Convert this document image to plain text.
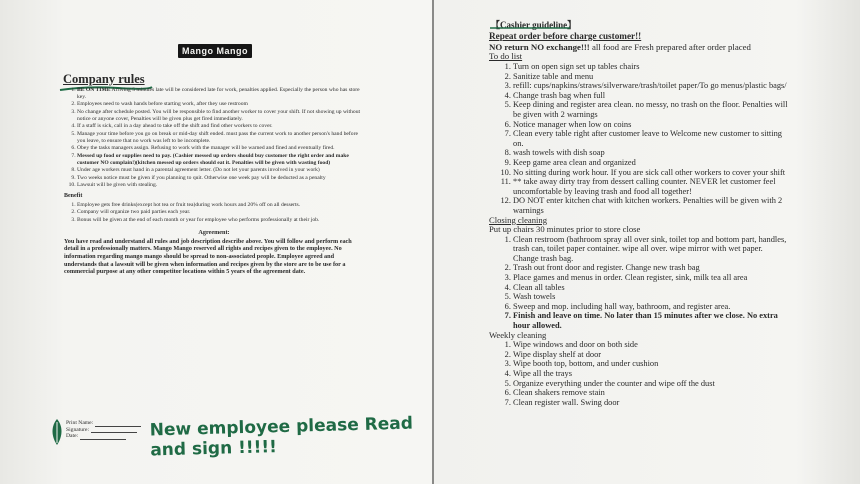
Mango Mango
Company rules
1. BE ON TIME Arriving 5 minutes late will be considered late for work, penalties applied. Especially the person who has store key.
2. Employees need to wash hands before starting work, after they use restroom
3. No change after schedule posted. You will be responsible to find another worker to cover your shift. If not showing up without notice or anyone cover, Penalties will be given plus get fired immediately.
4. If a staff is sick, call in a day ahead to take off the shift and find other workers to cover.
5. Manage your time before you go on break or mid-day shift ended. must pass the current work to another person's hand before you leave, to ensure that no work was left to be incomplete.
6. Obey the tasks managers assign. Refusing to work with the manager will be warned and fined and eventually fired.
7. Messed up food or supplies need to pay. (Cashier messed up orders should buy customer the right order and make customer NO complain!)(kitchen messed up orders should eat it. Penalties will be given with wasting food)
8. Under age workers must hand in a parental agreement letter. (Do not let your parents involved in your work)
9. Two weeks notice must be given if you planning to quit. Otherwise one week pay will be deducted as a penalty
10. Lawsuit will be given with stealing.
Benefit
1. Employee gets free drinks(except hot tea or fruit tea)during work hours and 20% off on all desserts.
2. Company will organize two paid parties each year.
3. Bonus will be given at the end of each month or year for employee who performs professionally at their job.
Agreement:
You have read and understand all rules and job description describe above. You will follow and perform each detail in a professionally matters. Mango Mango reserved all rights and recipes given to the employee. No information regarding mango mango should be spread to non-associated people. Employee agreed and understands that a lawsuit will be given when information and recipes given by the store are to be use for a commercial purpose at any other competitor locations within 5 years of the agreement date.
Print Name:
Signature:
Date:	New employee please Read
and sign !!!!!
【Cashier guideline】
Repeat order before charge customer!!
NO return NO exchange!!! all food are Fresh prepared after order placed
To do list
1. Turn on open sign set up tables chairs
2. Sanitize table and menu
3. refill: cups/napkins/straws/silverware/trash/toilet paper/To go menus/plastic bags/
4. Change trash bag when full
5. Keep dining and register area clean. no messy, no trash on the floor. Penalties will be given with 2 warnings
6. Notice manager when low on coins
7. Clean every table right after customer leave to Welcome new customer to sitting on.
8. wash towels with dish soap
9. Keep game area clean and organized
10. No sitting during work hour. If you are sick call other workers to cover your shift
11. ** take away dirty tray from dessert calling counter. NEVER let customer feel uncomfortable by leaving trash and food all together!
12. DO NOT enter kitchen chat with kitchen workers. Penalties will be given with 2 warnings
Closing cleaning
Put up chairs 30 minutes prior to store close
1. Clean restroom (bathroom spray all over sink, toilet top and bottom part, handles, trash can, toilet paper container. wipe all over. wipe mirror with wet paper. Change trash bag.
2. Trash out front door and register. Change new trash bag
3. Place games and menus in order. Clean register, sink, milk tea all area
4. Clean all tables
5. Wash towels
6. Sweep and mop. including hall way, bathroom, and register area.
7. Finish and leave on time. No later than 15 minutes after we close. No extra hour allowed.
Weekly cleaning
1. Wipe windows and door on both side
2. Wipe display shelf at door
3. Wipe booth top, bottom, and under cushion
4. Wipe all the trays
5. Organize everything under the counter and wipe off the dust
6. Clean shakers remove stain
7. Clean register wall. Swing door
